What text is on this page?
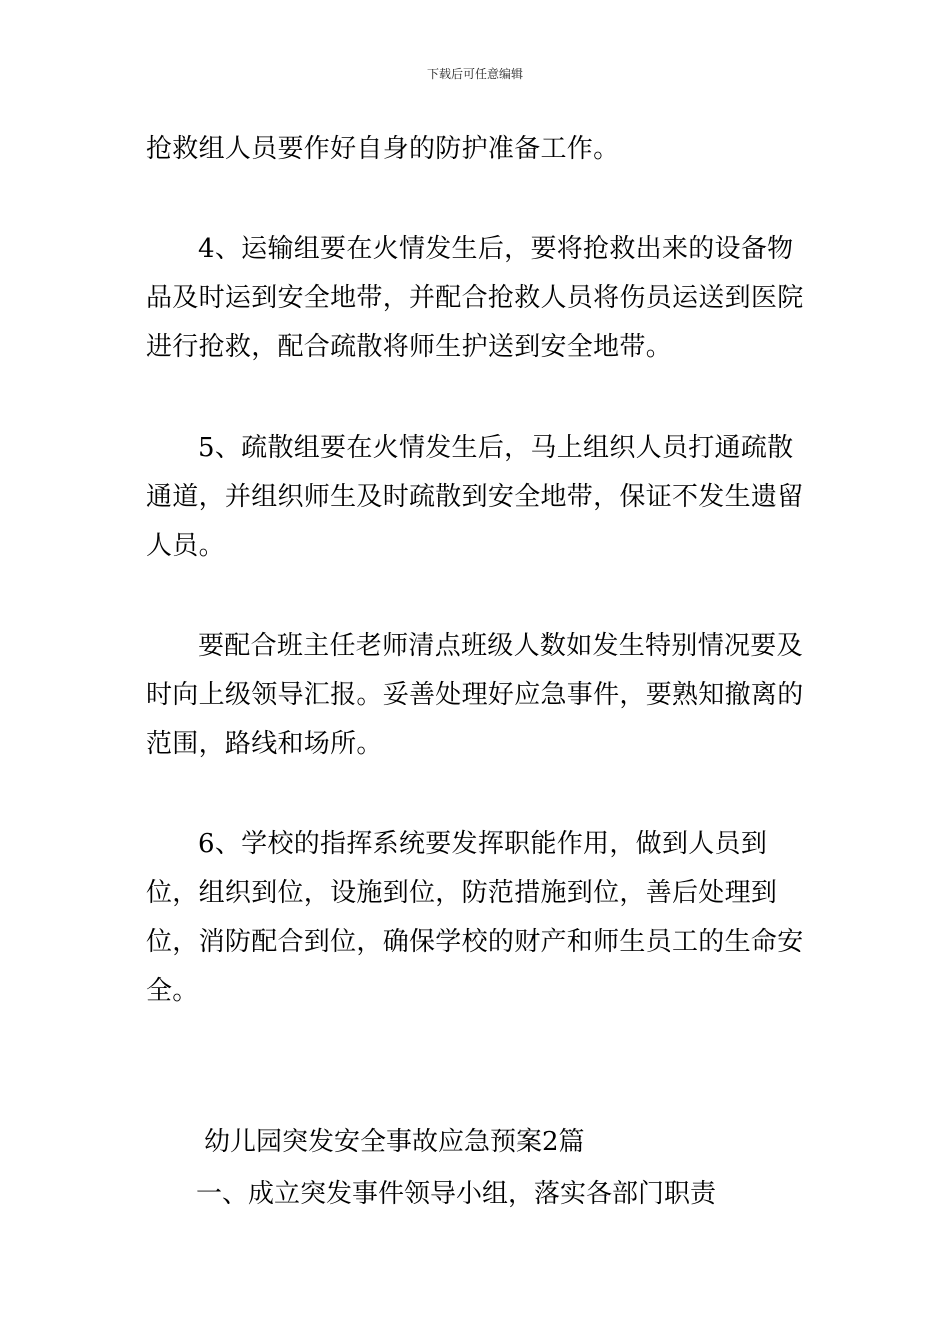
下载后可任意编辑

抢救组人员要作好自身的防护准备工作。

4、运输组要在火情发生后，要将抢救出来的设备物品及时运到安全地带，并配合抢救人员将伤员运送到医院进行抢救，配合疏散将师生护送到安全地带。

5、疏散组要在火情发生后，马上组织人员打通疏散通道，并组织师生及时疏散到安全地带，保证不发生遗留人员。

要配合班主任老师清点班级人数如发生特别情况要及时向上级领导汇报。妥善处理好应急事件，要熟知撤离的范围，路线和场所。

6、学校的指挥系统要发挥职能作用，做到人员到位，组织到位，设施到位，防范措施到位，善后处理到位，消防配合到位，确保学校的财产和师生员工的生命安全。

幼儿园突发安全事故应急预案2篇

一、成立突发事件领导小组，落实各部门职责
